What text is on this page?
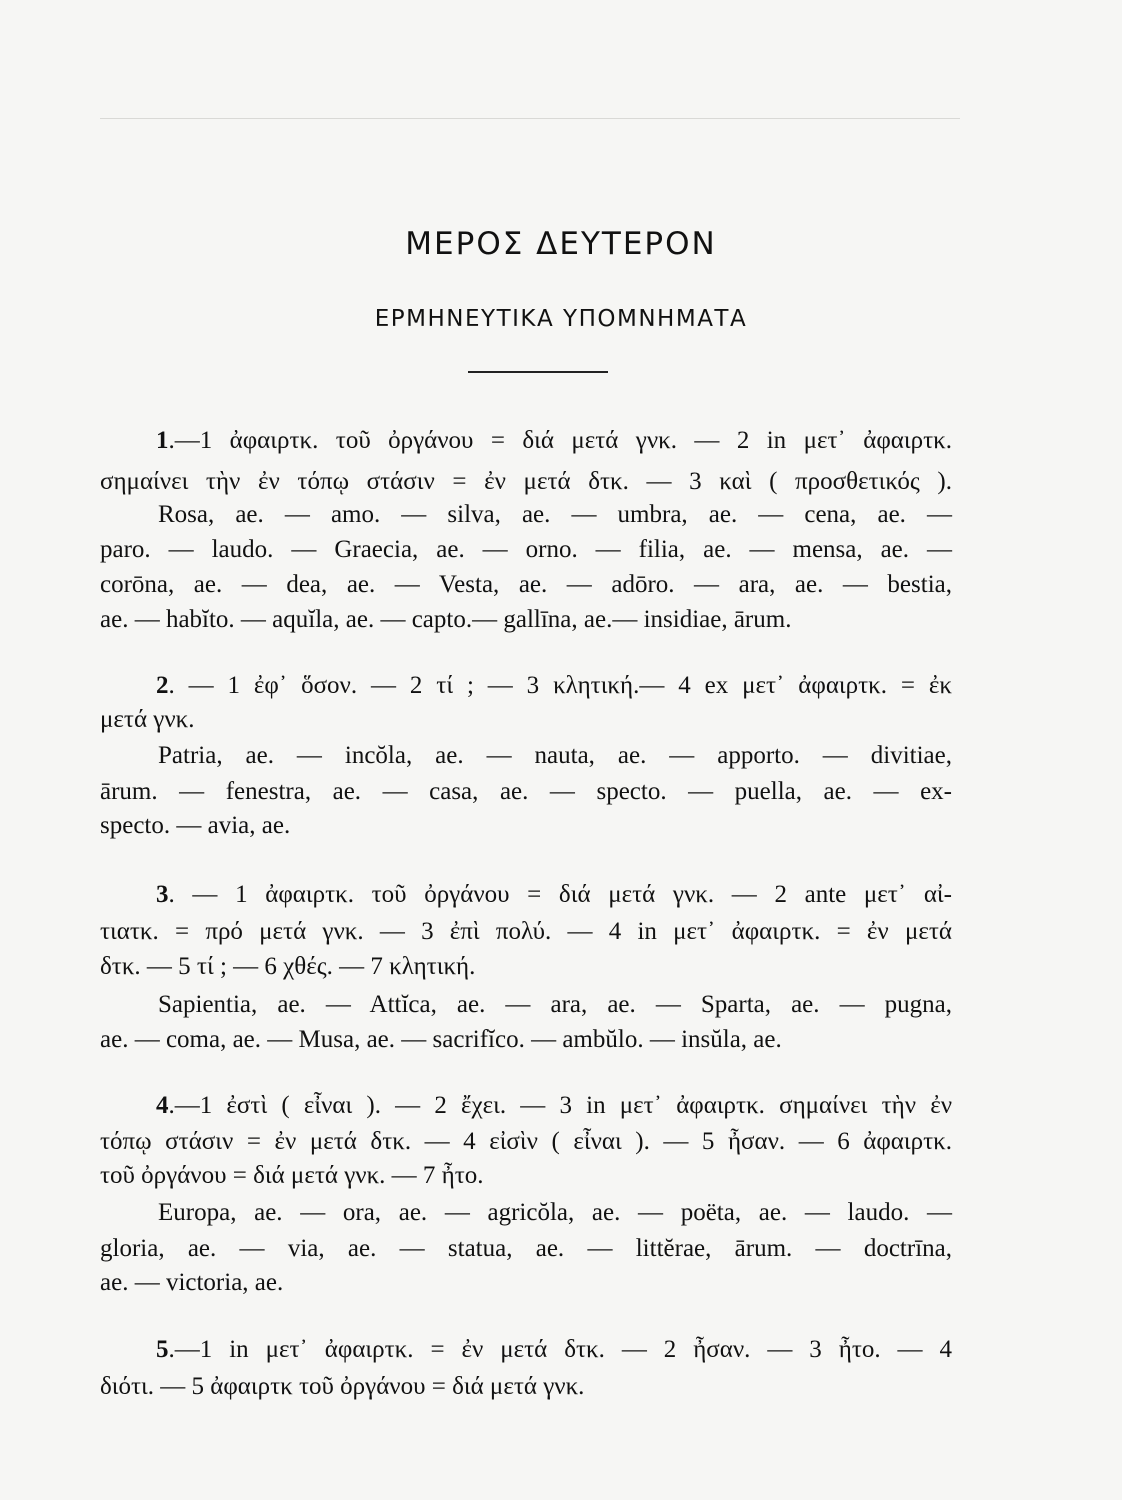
ΜΕΡΟΣ ΔΕΥΤΕΡΟΝ
ΕΡΜΗΝΕΥΤΙΚΑ ΥΠΟΜΝΗΜΑΤΑ
1.—1 ἀφαιρτκ. τοῦ ὀργάνου = διά μετά γνκ. — 2 in μετ᾽ ἀφαιρτκ.
σημαίνει τὴν ἐν τόπῳ στάσιν = ἐν μετά δτκ. — 3 καὶ ( προσθετικός ).
Rosa, ae. — amo. — silva, ae. — umbra, ae. — cena, ae. —
paro. — laudo. — Graecia, ae. — orno. — filia, ae. — mensa, ae. —
corōna, ae. — dea, ae. — Vesta, ae. — adōro. — ara, ae. — bestia,
ae. — habĭto. — aquĭla, ae. — capto.— gallīna, ae.— insidiae, ārum.
2. — 1 ἐφ᾽ ὅσον. — 2 τί ; — 3 κλητική.— 4 ex μετ᾽ ἀφαιρτκ. = ἐκ
μετά γνκ.
Patria, ae. — incŏla, ae. — nauta, ae. — apporto. — divitiae,
ārum. — fenestra, ae. — casa, ae. — specto. — puella, ae. — ex-
specto. — avia, ae.
3. — 1 ἀφαιρτκ. τοῦ ὀργάνου = διά μετά γνκ. — 2 ante μετ᾽ αἰ-
τιατκ. = πρό μετά γνκ. — 3 ἐπὶ πολύ. — 4 in μετ᾽ ἀφαιρτκ. = ἐν μετά
δτκ. — 5 τί ; — 6 χθές. — 7 κλητική.
Sapientia, ae. — Attĭca, ae. — ara, ae. — Sparta, ae. — pugna,
ae. — coma, ae. — Musa, ae. — sacrifĭco. — ambŭlo. — insŭla, ae.
4.—1 ἐστὶ ( εἶναι ). — 2 ἔχει. — 3 in μετ᾽ ἀφαιρτκ. σημαίνει τὴν ἐν
τόπῳ στάσιν = ἐν μετά δτκ. — 4 εἰσὶν ( εἶναι ). — 5 ἦσαν. — 6 ἀφαιρτκ.
τοῦ ὀργάνου = διά μετά γνκ. — 7 ἦτο.
Europa, ae. — ora, ae. — agricŏla, ae. — poëta, ae. — laudo. —
gloria, ae. — via, ae. — statua, ae. — littĕrae, ārum. — doctrīna,
ae. — victoria, ae.
5.—1 in μετ᾽ ἀφαιρτκ. = ἐν μετά δτκ. — 2 ἦσαν. — 3 ἦτο. — 4
διότι. — 5 ἀφαιρτκ τοῦ ὀργάνου = διά μετά γνκ.
